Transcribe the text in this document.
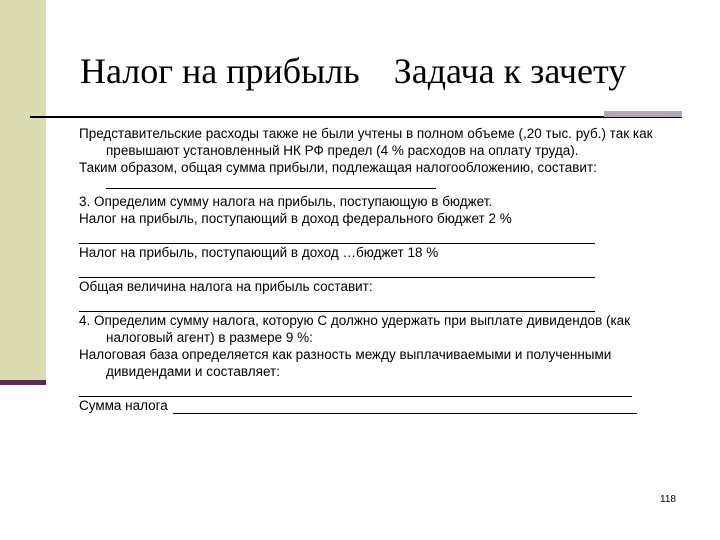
Налог на прибыль Задача к зачету

Представительские расходы также не были учтены в полном объеме (,20 тыс. руб.) так как превышают установленный НК РФ предел (4 % расходов на оплату труда).

Таким образом, общая сумма прибыли, подлежащая налогообложению, составит:

3. Определим сумму налога на прибыль, поступающую в бюджет.

Налог на прибыль, поступающий в доход федерального бюджет 2 %

Налог на прибыль, поступающий в доход …бюджет 18 %

Общая величина налога на прибыль составит:

4. Определим сумму налога, которую С должно удержать при выплате дивидендов (как налоговый агент) в размере 9 %:

Налоговая база определяется как разность между выплачиваемыми и полученными дивидендами и составляет:

Сумма налога
118
